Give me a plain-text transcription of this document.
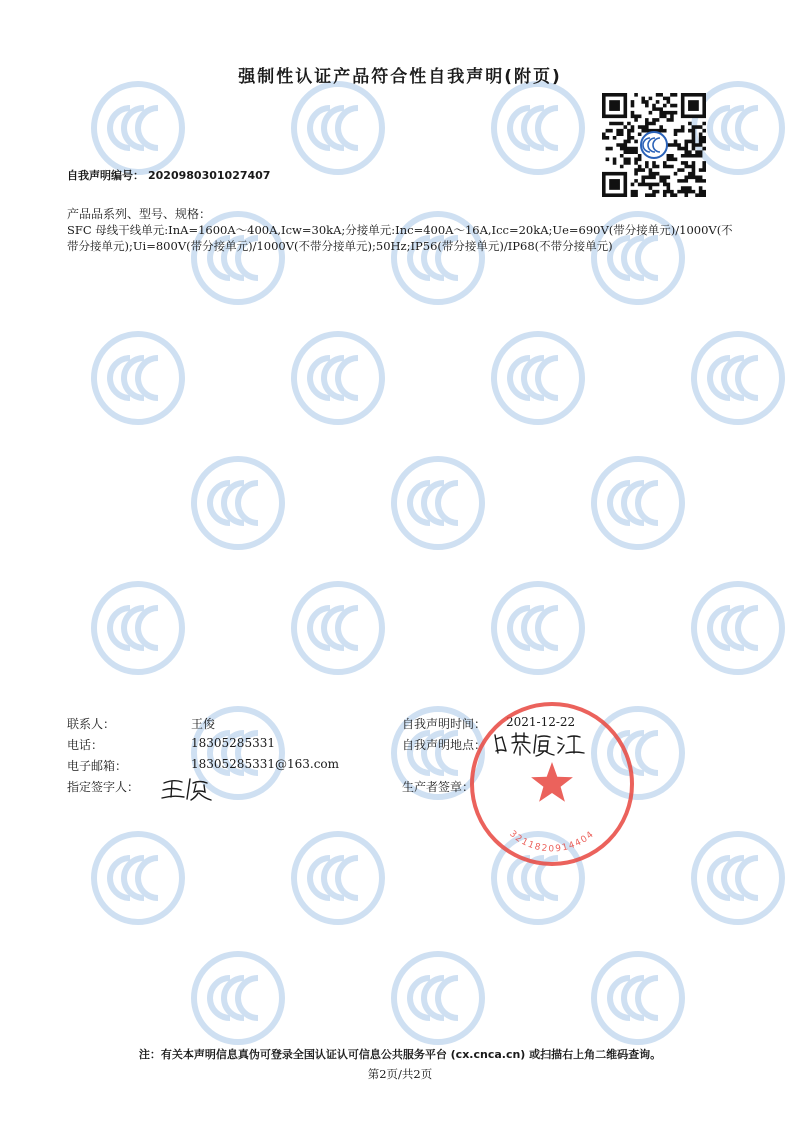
强制性认证产品符合性自我声明(附页)
自我声明编号： 2020980301027407
产品品系列、型号、规格：
SFC 母线干线单元:InA=1600A～400A,Icw=30kA;分接单元:Inc=400A～16A,Icc=20kA;Ue=690V(带分接单元)/1000V(不带分接单元);Ui=800V(带分接单元)/1000V(不带分接单元);50Hz;IP56(带分接单元)/IP68(不带分接单元)
联系人：	王俊
电话：	18305285331
电子邮箱：	18305285331@163.com
指定签字人：
自我声明时间： 2021-12-22
自我声明地点：
生产者签章：
3211820914404
注：有关本声明信息真伪可登录全国认证认可信息公共服务平台 (cx.cnca.cn) 或扫描右上角二维码查询。
第2页/共2页
